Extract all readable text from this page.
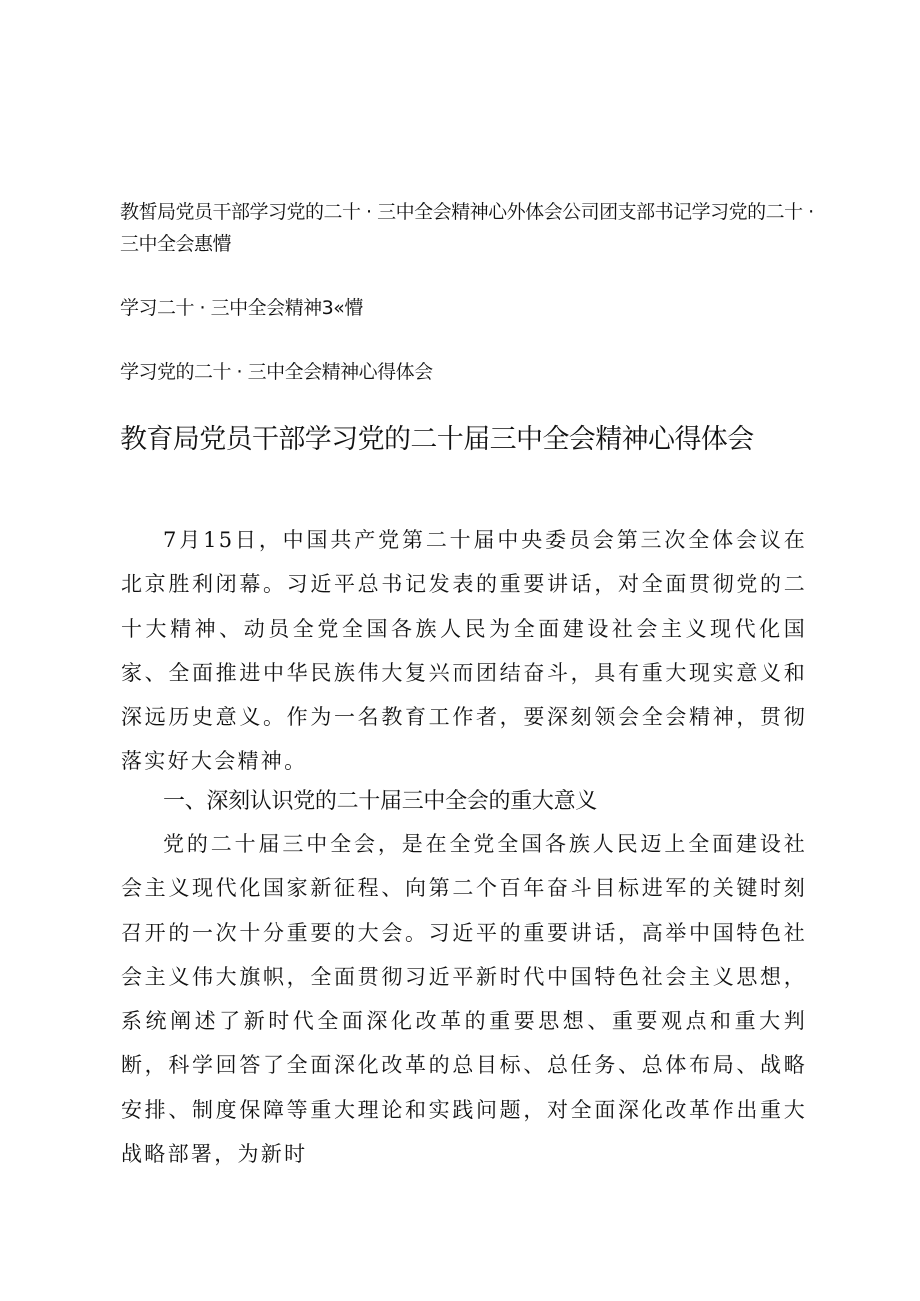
教皙局党员干部学习党的二十 · 三中全会精神心外体会公司团支部书记学习党的二十 · 三中全会惠懵
学习二十 · 三中全会精神3«懵
学习党的二十 · 三中全会精神心得体会
教育局党员干部学习党的二十届三中全会精神心得体会

7月15日，中国共产党第二十届中央委员会第三次全体会议在北京胜利闭幕。习近平总书记发表的重要讲话，对全面贯彻党的二十大精神、动员全党全国各族人民为全面建设社会主义现代化国家、全面推进中华民族伟大复兴而团结奋斗，具有重大现实意义和深远历史意义。作为一名教育工作者，要深刻领会全会精神，贯彻落实好大会精神。

一、深刻认识党的二十届三中全会的重大意义

党的二十届三中全会，是在全党全国各族人民迈上全面建设社会主义现代化国家新征程、向第二个百年奋斗目标进军的关键时刻召开的一次十分重要的大会。习近平的重要讲话，高举中国特色社会主义伟大旗帜，全面贯彻习近平新时代中国特色社会主义思想，系统阐述了新时代全面深化改革的重要思想、重要观点和重大判断，科学回答了全面深化改革的总目标、总任务、总体布局、战略安排、制度保障等重大理论和实践问题，对全面深化改革作出重大战略部署，为新时
